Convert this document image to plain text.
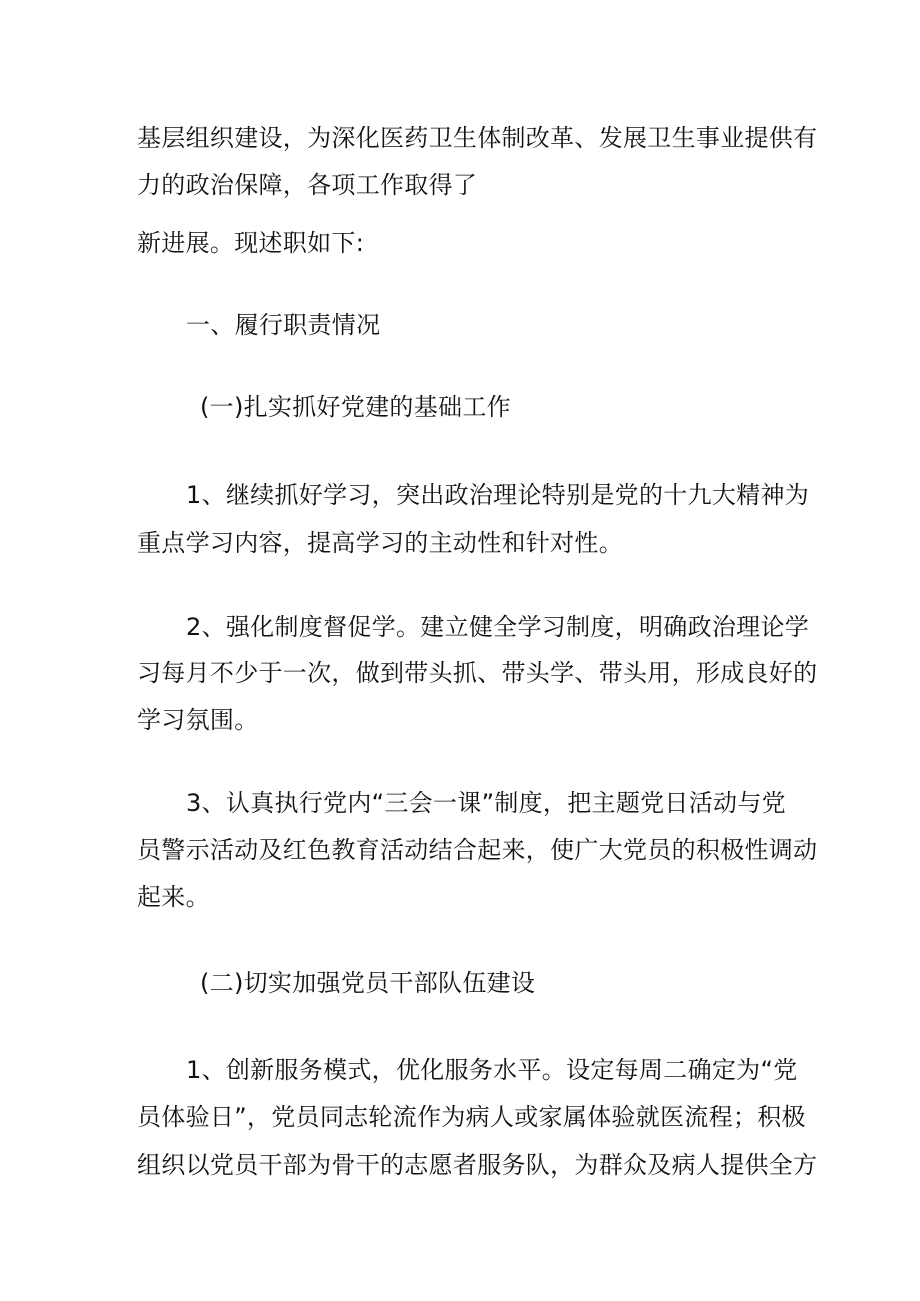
基层组织建设，为深化医药卫生体制改革、发展卫生事业提供有
力的政治保障，各项工作取得了
新进展。现述职如下:
一、履行职责情况
(一)扎实抓好党建的基础工作
1、继续抓好学习，突出政治理论特别是党的十九大精神为
重点学习内容，提高学习的主动性和针对性。
2、强化制度督促学。建立健全学习制度，明确政治理论学
习每月不少于一次，做到带头抓、带头学、带头用，形成良好的
学习氛围。
3、认真执行党内“三会一课”制度，把主题党日活动与党
员警示活动及红色教育活动结合起来，使广大党员的积极性调动
起来。
(二)切实加强党员干部队伍建设
1、创新服务模式，优化服务水平。设定每周二确定为“党
员体验日”，党员同志轮流作为病人或家属体验就医流程；积极
组织以党员干部为骨干的志愿者服务队，为群众及病人提供全方
